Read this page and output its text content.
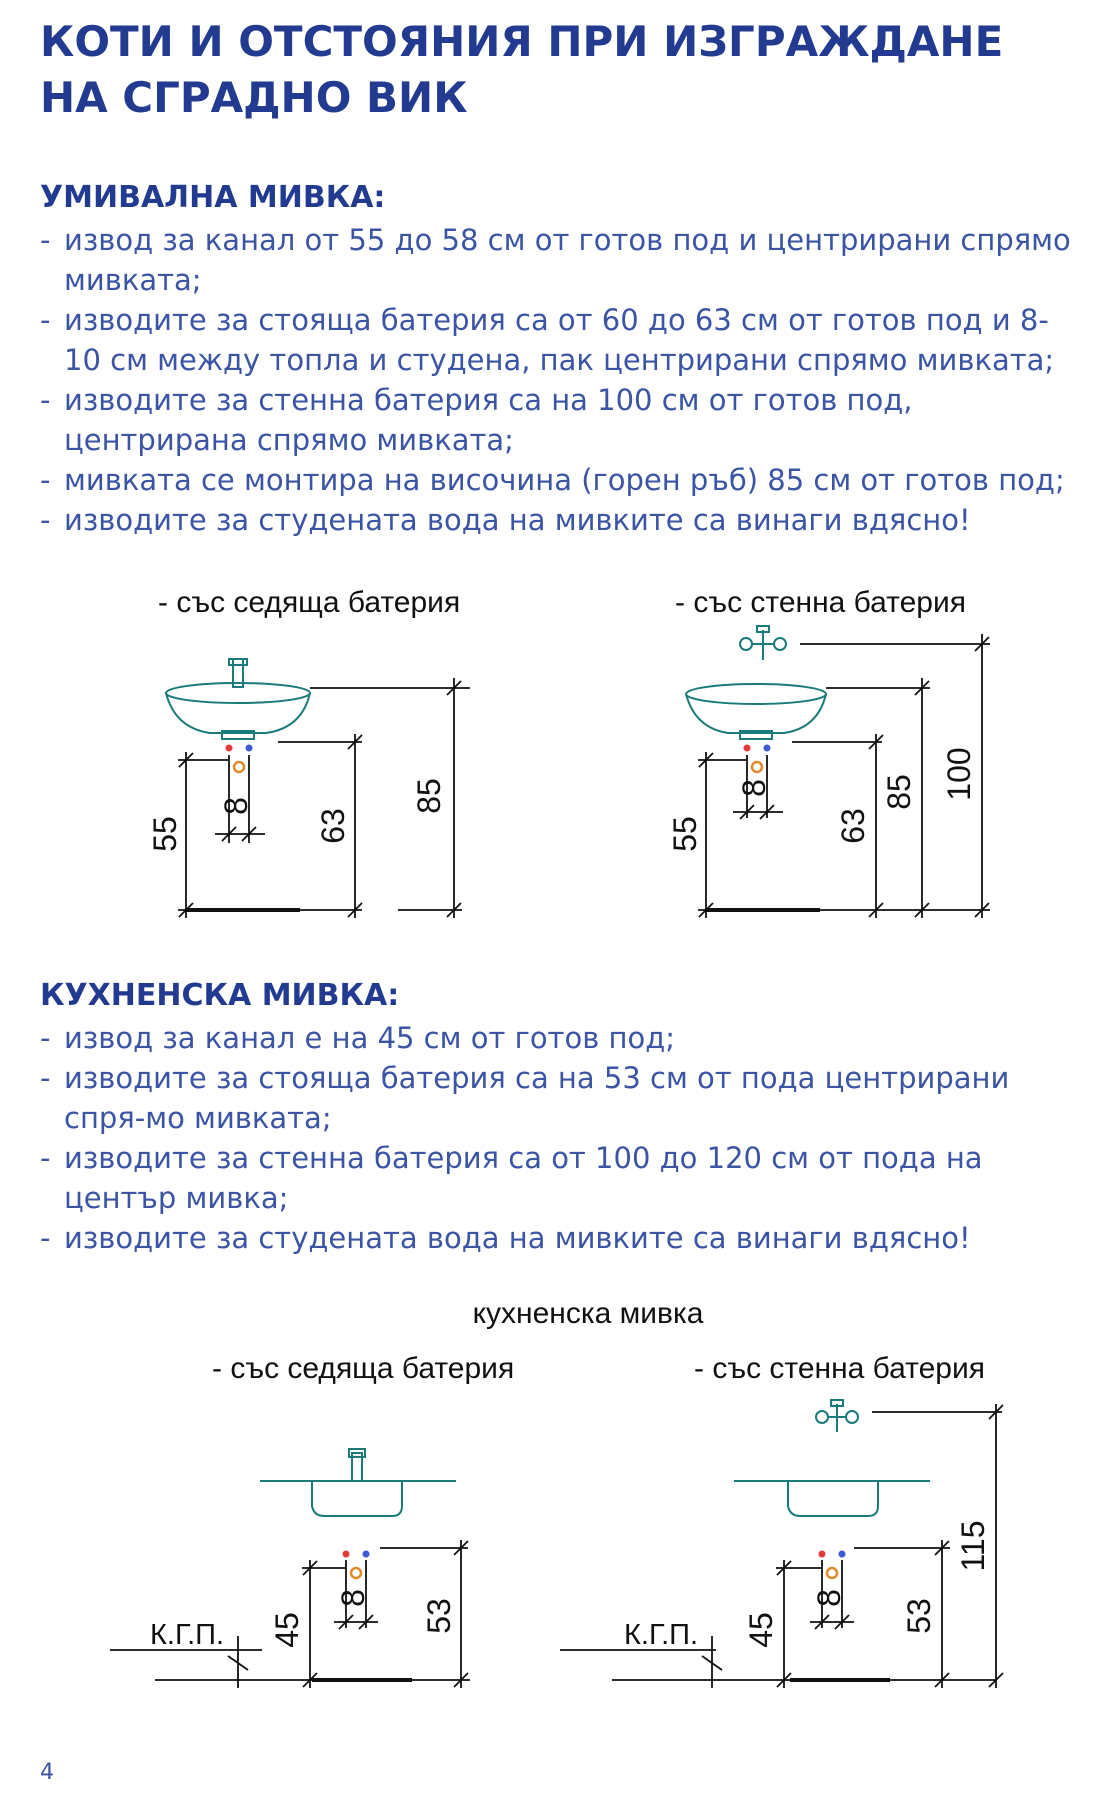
КОТИ И ОТСТОЯНИЯ ПРИ ИЗГРАЖДАНЕ НА СГРАДНО ВИК
УМИВАЛНА МИВКА:
- извод за канал от 55 до 58 см от готов под и центрирани спрямо мивката;
- изводите за стояща батерия са от 60 до 63 см от готов под и 8-10 см между топла и студена, пак центрирани спрямо мивката;
- изводите за стенна батерия са на 100 см от готов под, центрирана спрямо мивката;
- мивката се монтира на височина (горен ръб) 85 см от готов под;
- изводите за студената вода на мивките са винаги вдясно!
КУХНЕНСКА МИВКА:
- извод за канал е на 45 см от готов под;
- изводите за стояща батерия са на 53 см от пода центрирани спря-мо мивката;
- изводите за стенна батерия са от 100 до 120 см от пода на център мивка;
- изводите за студената вода на мивките са винаги вдясно!
- със седяща батерия
55
8
63
85
- със стенна батерия
55
8
63
85 100
кухненска мивка
- със седяща батерия
К.Г.П. 45
8
53
- със стенна батерия
К.Г.П. 45
8
53
115
4
